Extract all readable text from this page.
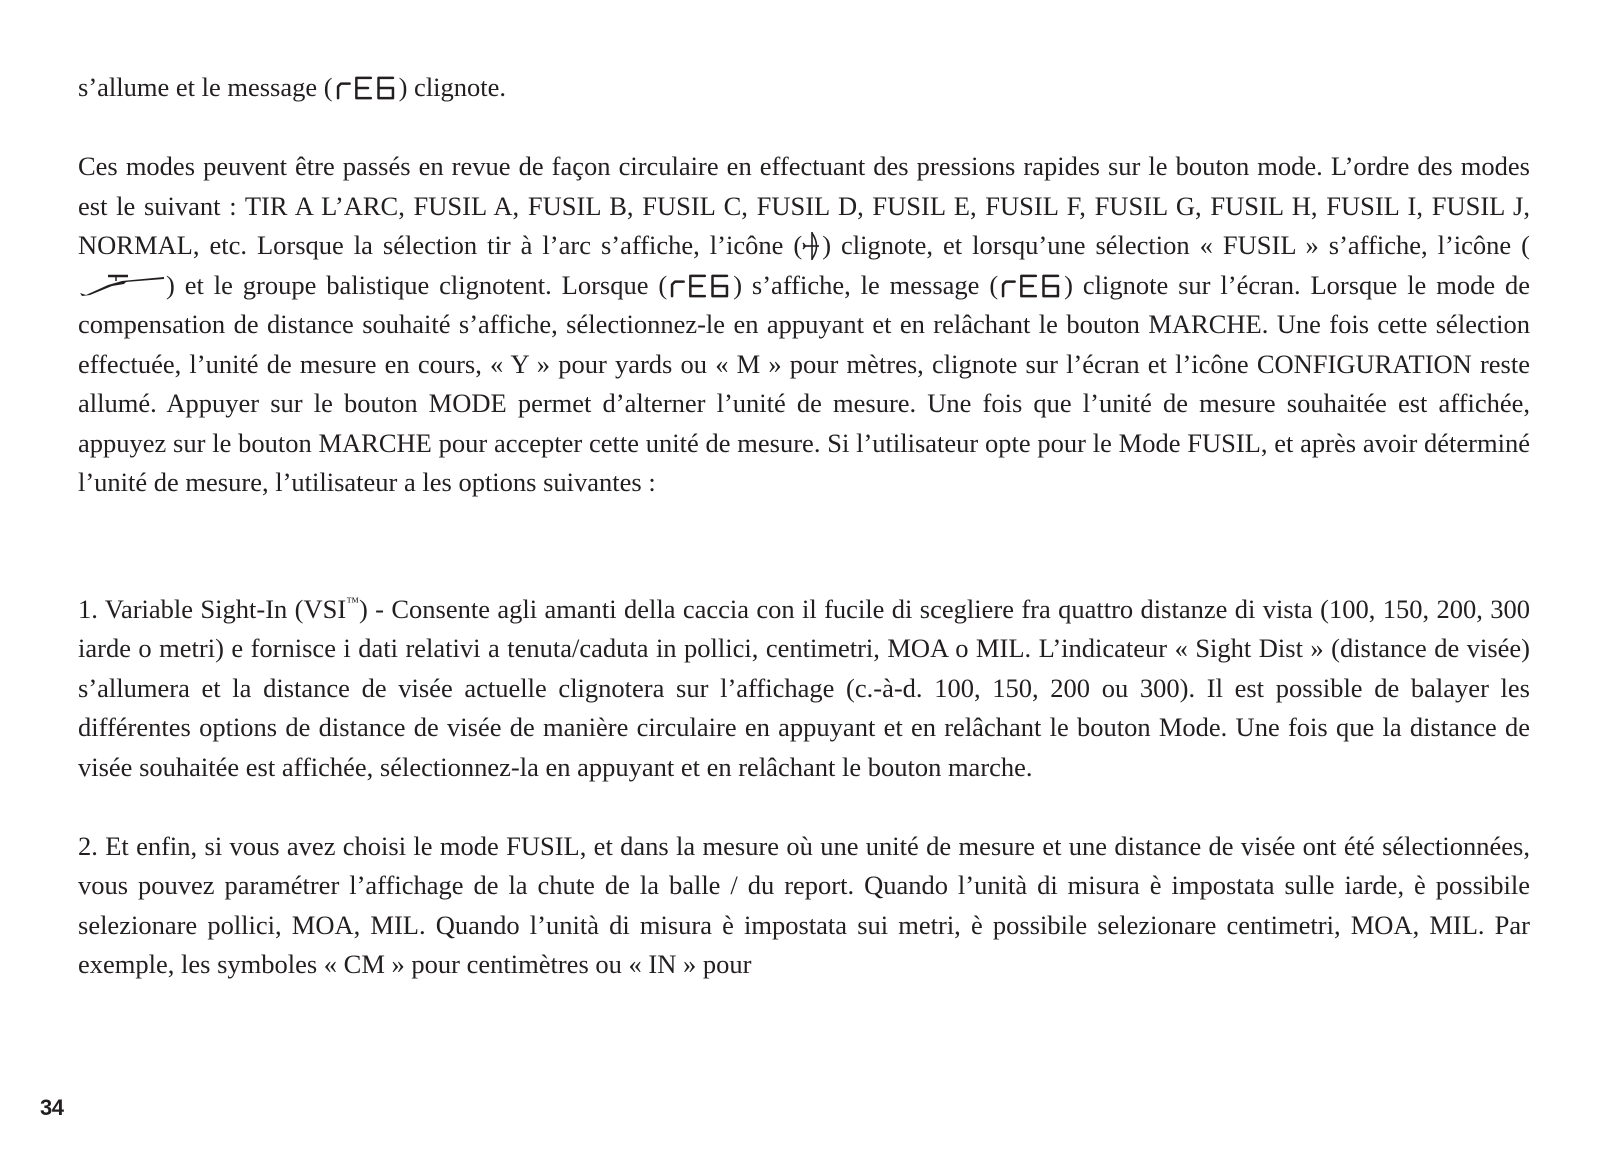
s’allume et le message ( ) clignote.

Ces modes peuvent être passés en revue de façon circulaire en effectuant des pressions rapides sur le bouton mode. L’ordre des modes est le suivant : TIR A L’ARC, FUSIL A, FUSIL B, FUSIL C, FUSIL D, FUSIL E, FUSIL F, FUSIL G, FUSIL H, FUSIL I, FUSIL J, NORMAL, etc. Lorsque la sélection tir à l’arc s’affiche, l’icône ( ) clignote, et lorsqu’une sélection « FUSIL » s’affiche, l’icône () et le groupe balistique clignotent. Lorsque ( ) s’affiche, le message ( ) clignote sur l’écran. Lorsque le mode de compensation de distance souhaité s’affiche, sélectionnez-le en appuyant et en relâchant le bouton MARCHE. Une fois cette sélection effectuée, l’unité de mesure en cours, « Y » pour yards ou « M » pour mètres, clignote sur l’écran et l’icône CONFIGURATION reste allumé. Appuyer sur le bouton MODE permet d’alterner l’unité de mesure. Une fois que l’unité de mesure souhaitée est affichée, appuyez sur le bouton MARCHE pour accepter cette unité de mesure. Si l’utilisateur opte pour le Mode FUSIL, et après avoir déterminé l’unité de mesure, l’utilisateur a les options suivantes :

1. Variable Sight-In (VSI™) - Consente agli amanti della caccia con il fucile di scegliere fra quattro distanze di vista (100, 150, 200, 300 iarde o metri) e fornisce i dati relativi a tenuta/caduta in pollici, centimetri, MOA o MIL. L’indicateur « Sight Dist » (distance de visée) s’allumera et la distance de visée actuelle clignotera sur l’affichage (c.-à-d. 100, 150, 200 ou 300). Il est possible de balayer les différentes options de distance de visée de manière circulaire en appuyant et en relâchant le bouton Mode. Une fois que la distance de visée souhaitée est affichée, sélectionnez-la en appuyant et en relâchant le bouton marche.

2. Et enfin, si vous avez choisi le mode FUSIL, et dans la mesure où une unité de mesure et une distance de visée ont été sélectionnées, vous pouvez paramétrer l’affichage de la chute de la balle / du report. Quando l’unità di misura è impostata sulle iarde, è possibile selezionare pollici, MOA, MIL. Quando l’unità di misura è impostata sui metri, è possibile selezionare centimetri, MOA, MIL. Par exemple, les symboles « CM » pour centimètres ou « IN » pour

34
